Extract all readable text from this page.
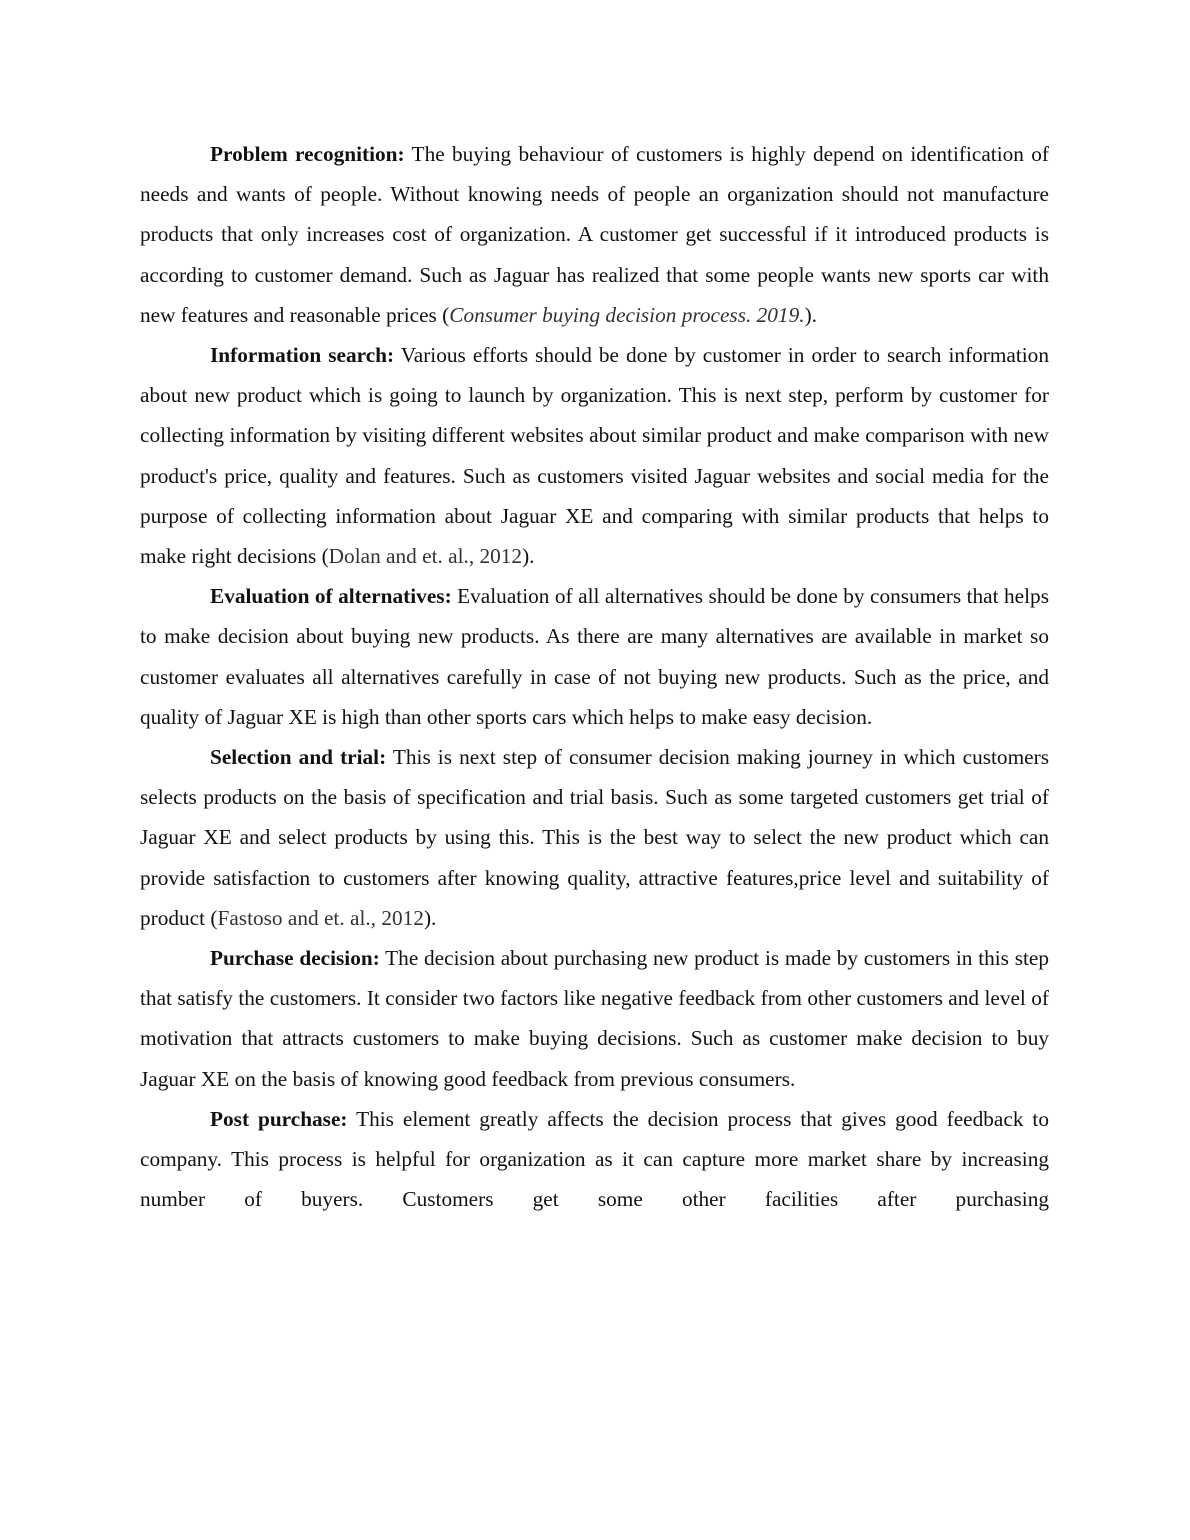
Problem recognition: The buying behaviour of customers is highly depend on identification of needs and wants of people. Without knowing needs of people an organization should not manufacture products that only increases cost of organization. A customer get successful if it introduced products is according to customer demand. Such as Jaguar has realized that some people wants new sports car with new features and reasonable prices (Consumer buying decision process. 2019.).

Information search: Various efforts should be done by customer in order to search information about new product which is going to launch by organization. This is next step, perform by customer for collecting information by visiting different websites about similar product and make comparison with new product's price, quality and features. Such as customers visited Jaguar websites and social media for the purpose of collecting information about Jaguar XE and comparing with similar products that helps to make right decisions (Dolan and et. al., 2012).

Evaluation of alternatives: Evaluation of all alternatives should be done by consumers that helps to make decision about buying new products. As there are many alternatives are available in market so customer evaluates all alternatives carefully in case of not buying new products. Such as the price, and quality of Jaguar XE is high than other sports cars which helps to make easy decision.

Selection and trial: This is next step of consumer decision making journey in which customers selects products on the basis of specification and trial basis. Such as some targeted customers get trial of Jaguar XE and select products by using this. This is the best way to select the new product which can provide satisfaction to customers after knowing quality, attractive features,price level and suitability of product (Fastoso and et. al., 2012).

Purchase decision: The decision about purchasing new product is made by customers in this step that satisfy the customers. It consider two factors like negative feedback from other customers and level of motivation that attracts customers to make buying decisions. Such as customer make decision to buy Jaguar XE on the basis of knowing good feedback from previous consumers.

Post purchase: This element greatly affects the decision process that gives good feedback to company. This process is helpful for organization as it can capture more market share by increasing number of buyers. Customers get some other facilities after purchasing
